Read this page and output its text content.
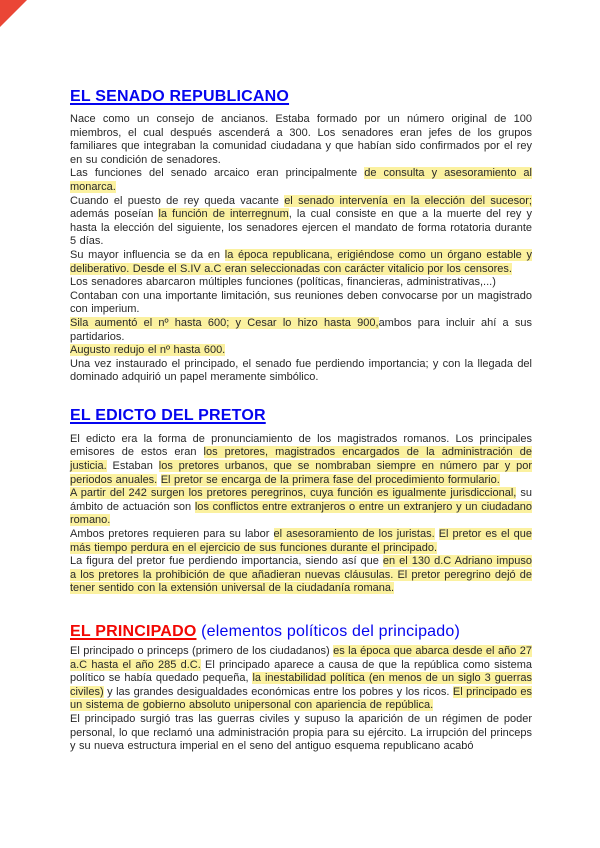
EL SENADO REPUBLICANO

Nace como un consejo de ancianos. Estaba formado por un número original de 100 miembros, el cual después ascenderá a 300. Los senadores eran jefes de los grupos familiares que integraban la comunidad ciudadana y que habían sido confirmados por el rey en su condición de senadores.

Las funciones del senado arcaico eran principalmente de consulta y asesoramiento al monarca.

Cuando el puesto de rey queda vacante el senado intervenía en la elección del sucesor; además poseían la función de interregnum, la cual consiste en que a la muerte del rey y hasta la elección del siguiente, los senadores ejercen el mandato de forma rotatoria durante 5 días.

Su mayor influencia se da en la época republicana, erigiéndose como un órgano estable y deliberativo. Desde el S.IV a.C eran seleccionadas con carácter vitalicio por los censores.

Los senadores abarcaron múltiples funciones (políticas, financieras, administrativas,...)

Contaban con una importante limitación, sus reuniones deben convocarse por un magistrado con imperium.

Sila aumentó el nº hasta 600; y Cesar lo hizo hasta 900,ambos para incluir ahí a sus partidarios.

Augusto redujo el nº hasta 600.

Una vez instaurado el principado, el senado fue perdiendo importancia; y con la llegada del dominado adquirió un papel meramente simbólico.

EL EDICTO DEL PRETOR

El edicto era la forma de pronunciamiento de los magistrados romanos. Los principales emisores de estos eran los pretores, magistrados encargados de la administración de justicia. Estaban los pretores urbanos, que se nombraban siempre en número par y por periodos anuales. El pretor se encarga de la primera fase del procedimiento formulario.

A partir del 242 surgen los pretores peregrinos, cuya función es igualmente jurisdiccional, su ámbito de actuación son los conflictos entre extranjeros o entre un extranjero y un ciudadano romano.

Ambos pretores requieren para su labor el asesoramiento de los juristas. El pretor es el que más tiempo perdura en el ejercicio de sus funciones durante el principado.

La figura del pretor fue perdiendo importancia, siendo así que en el 130 d.C Adriano impuso a los pretores la prohibición de que añadieran nuevas cláusulas. El pretor peregrino dejó de tener sentido con la extensión universal de la ciudadanía romana.

EL PRINCIPADO (elementos políticos del principado)

El principado o princeps (primero de los ciudadanos) es la época que abarca desde el año 27 a.C hasta el año 285 d.C. El principado aparece a causa de que la república como sistema político se había quedado pequeña, la inestabilidad política (en menos de un siglo 3 guerras civiles) y las grandes desigualdades económicas entre los pobres y los ricos. El principado es un sistema de gobierno absoluto unipersonal con apariencia de república.

El principado surgió tras las guerras civiles y supuso la aparición de un régimen de poder personal, lo que reclamó una administración propia para su ejército. La irrupción del princeps y su nueva estructura imperial en el seno del antiguo esquema republicano acabó
